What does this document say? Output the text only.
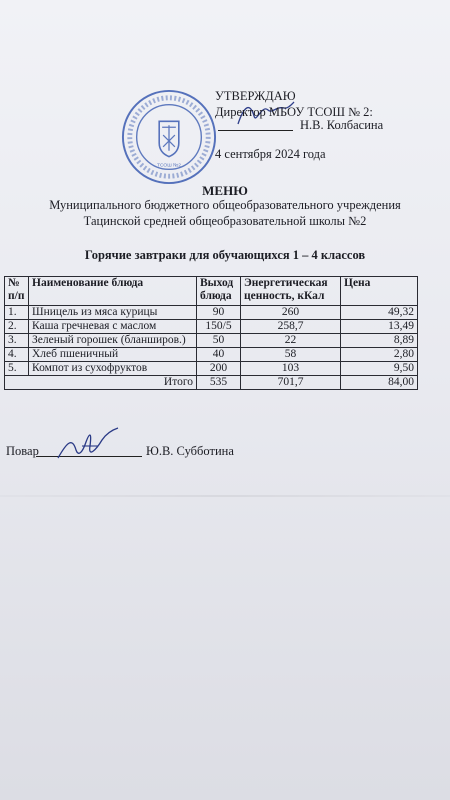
ТСОШ №2
УТВЕРЖДАЮ
Директор МБОУ ТСОШ № 2:
Н.В. Колбасина
4 сентября 2024 года
МЕНЮ
Муниципального бюджетного общеобразовательного учреждения
Тацинской средней общеобразовательной школы №2
Горячие завтраки для обучающихся 1 – 4 классов
№ п/п	Наименование блюда	Выход блюда	Энергетическая ценность, кКал	Цена
1.	Шницель из мяса курицы	90	260	49,32
2.	Каша гречневая с маслом	150/5	258,7	13,49
3.	Зеленый горошек (бланширов.)	50	22	8,89
4.	Хлеб пшеничный	40	58	2,80
5.	Компот из сухофруктов	200	103	9,50
Итого		535	701,7	84,00
Повар	Ю.В. Субботина
